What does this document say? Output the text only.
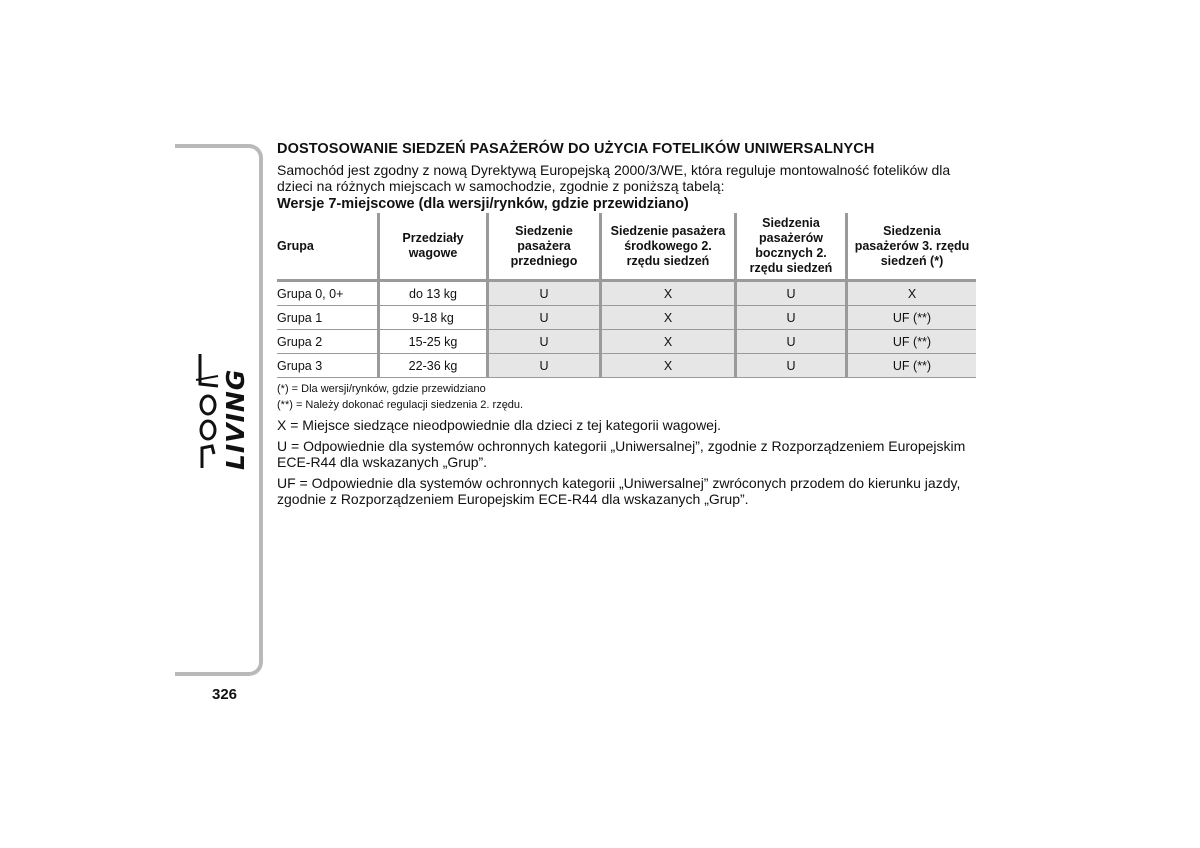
LIVING
326
DOSTOSOWANIE SIEDZEŃ PASAŻERÓW DO UŻYCIA FOTELIKÓW UNIWERSALNYCH

Samochód jest zgodny z nową Dyrektywą Europejską 2000/3/WE, która reguluje montowalność fotelików dla dzieci na różnych miejscach w samochodzie, zgodnie z poniższą tabelą:

Wersje 7-miejscowe (dla wersji/rynków, gdzie przewidziano)
Grupa	Przedziały wagowe	Siedzenie pasażera przedniego	Siedzenie pasażera środkowego 2. rzędu siedzeń	Siedzenia pasażerów bocznych 2. rzędu siedzeń	Siedzenia pasażerów 3. rzędu siedzeń (*)
Grupa 0, 0+	do 13 kg	U	X	U	X
Grupa 1	9-18 kg	U	X	U	UF (**)
Grupa 2	15-25 kg	U	X	U	UF (**)
Grupa 3	22-36 kg	U	X	U	UF (**)
(*) = Dla wersji/rynków, gdzie przewidziano
(**) = Należy dokonać regulacji siedzenia 2. rzędu.

X = Miejsce siedzące nieodpowiednie dla dzieci z tej kategorii wagowej.

U = Odpowiednie dla systemów ochronnych kategorii „Uniwersalnej”, zgodnie z Rozporządzeniem Europejskim ECE-R44 dla wskazanych „Grup”.

UF = Odpowiednie dla systemów ochronnych kategorii „Uniwersalnej” zwróconych przodem do kierunku jazdy, zgodnie z Rozporządzeniem Europejskim ECE-R44 dla wskazanych „Grup”.
